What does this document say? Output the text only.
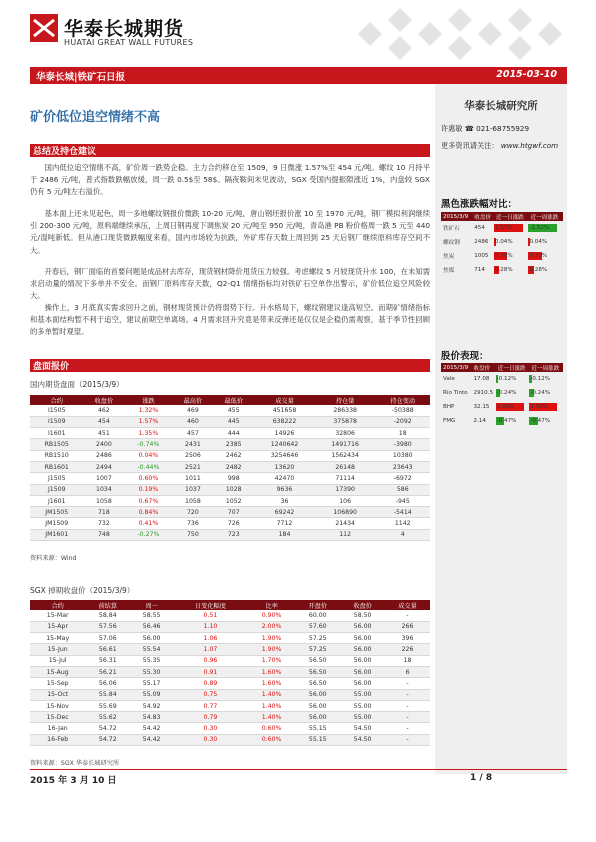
华泰长城期货
HUATAI GREAT WALL FUTURES
华泰长城|铁矿石日报	2015-03-10
华泰长城研究所
许惠敏 ☎ 021-68755929
更多资讯请关注： www.htgwf.com
黑色涨跌幅对比：
2015/3/9	收盘价	近一日涨跌	近一周涨跌
铁矿石	454	1.57%	-1.52%
螺纹钢	2486	0.04%	0.04%
焦炭	1005	0.70%	0.70%
焦煤	714	0.28%	0.28%
股价表现：
2015/3/9	收盘价	近一日涨跌	近一周涨跌
Vale	17.08	-0.12%	-0.12%
Rio Tinto	2910.5	-0.24%	-0.24%
BHP	32.15	1.50%	1.50%
FMG	2.14	-0.47%	-0.47%
矿价低位追空情绪不高
总结及持仓建议

国内低位追空情绪不高，矿价周一跌势企稳。主力合约移仓至 1509，9 日微涨 1.57%至 454 元/吨。螺纹 10 月持平于 2486 元/吨，普式指数跌幅放缓，周一跌 0.5$至 58$。隔夜鞍间未见波动，SGX 受国内提振隙涨近 1%，内盘较 SGX 仍有 5 元/吨左右溢价。

基本面上还未见起色，周一多地螺纹钢报价微跌 10-20 元/吨，唐山钢坯报价涨 10 至 1970 元/吨，钢厂模拟利润继续引 200-300 元/吨，原料端继续承压，上周日钢再度下调焦炭 20 元/吨至 950 元/吨，青岛港 PB 粉价格周一跌 5 元至 440 元/湿吨新低。但从港口现货微跌幅度来看，国内市场较为抗跌，外矿库存天数上周回到 25 天后钢厂继续原料库存空间不大。

开春后，钢厂面临的首要问题是成品材去库存，现货钢材降价甩货压力较强。考虑螺纹 5 月较现货升水 100，在未知需求启动量的情况下多单并不安全。而钢厂原料库存天数，Q2-Q1 情绪指标均对铁矿石空单作出警示，矿价低位追空风险较大。

操作上，3 月底真实需求回升之前，钢材现货预计仍将弱势下行。升水格局下，螺纹钢建议逢高短空。而期矿情绪指标和基本面结构暂不利于追空，建议前期空单离场。4 月需求回升究竟是带来反弹还是仅仅是企稳仍需观察，基于季节性回顾的多单暂时观望。

盘面报价
国内期货盘面（2015/3/9）
合约	收盘价	涨跌	最高价	最低价	成交量	持仓量	持仓变动
I1505	462	1.32%	469	455	451658	286338	-50388
I1509	454	1.57%	460	445	638222	375878	-2092
I1601	451	1.35%	457	444	14926	32806	18
RB1505	2400	-0.74%	2431	2385	1240642	1491716	-3980
RB1510	2486	0.04%	2506	2462	3254646	1562434	10380
RB1601	2494	-0.44%	2521	2482	13620	26148	23643
J1505	1007	0.60%	1011	998	42470	71114	-6972
J1509	1034	0.19%	1037	1028	9636	17390	586
J1601	1058	0.67%	1058	1052	36	106	-945
JM1505	718	0.84%	720	707	69242	106890	-5414
JM1509	732	0.41%	736	726	7712	21434	1142
JM1601	748	-0.27%	750	723	184	112	4
资料来源：Wind
SGX 掉期收盘价（2015/3/9）
合约	前结算	周一	日变化幅度	比率	开盘价	收盘价	成交量
15-Mar	58.84	58.55	0.51	0.90%	60.00	58.50	-
15-Apr	57.56	56.46	1.10	2.00%	57.60	56.00	266
15-May	57.06	56.00	1.06	1.90%	57.25	56.00	396
15-Jun	56.61	55.54	1.07	1.90%	57.25	56.00	226
15-Jul	56.31	55.35	0.96	1.70%	56.50	56.00	18
15-Aug	56.21	55.30	0.91	1.60%	56.50	56.00	6
15-Sep	56.06	55.17	0.89	1.60%	56.50	56.00	-
15-Oct	55.84	55.09	0.75	1.40%	56.00	55.00	-
15-Nov	55.69	54.92	0.77	1.40%	56.00	55.00	-
15-Dec	55.62	54.83	0.79	1.40%	56.00	55.00	-
16-Jan	54.72	54.42	0.30	0.60%	55.15	54.50	-
16-Feb	54.72	54.42	0.30	0.60%	55.15	54.50	-
资料来源：SGX 华泰长城研究所
2015 年 3 月 10 日	1 / 8
